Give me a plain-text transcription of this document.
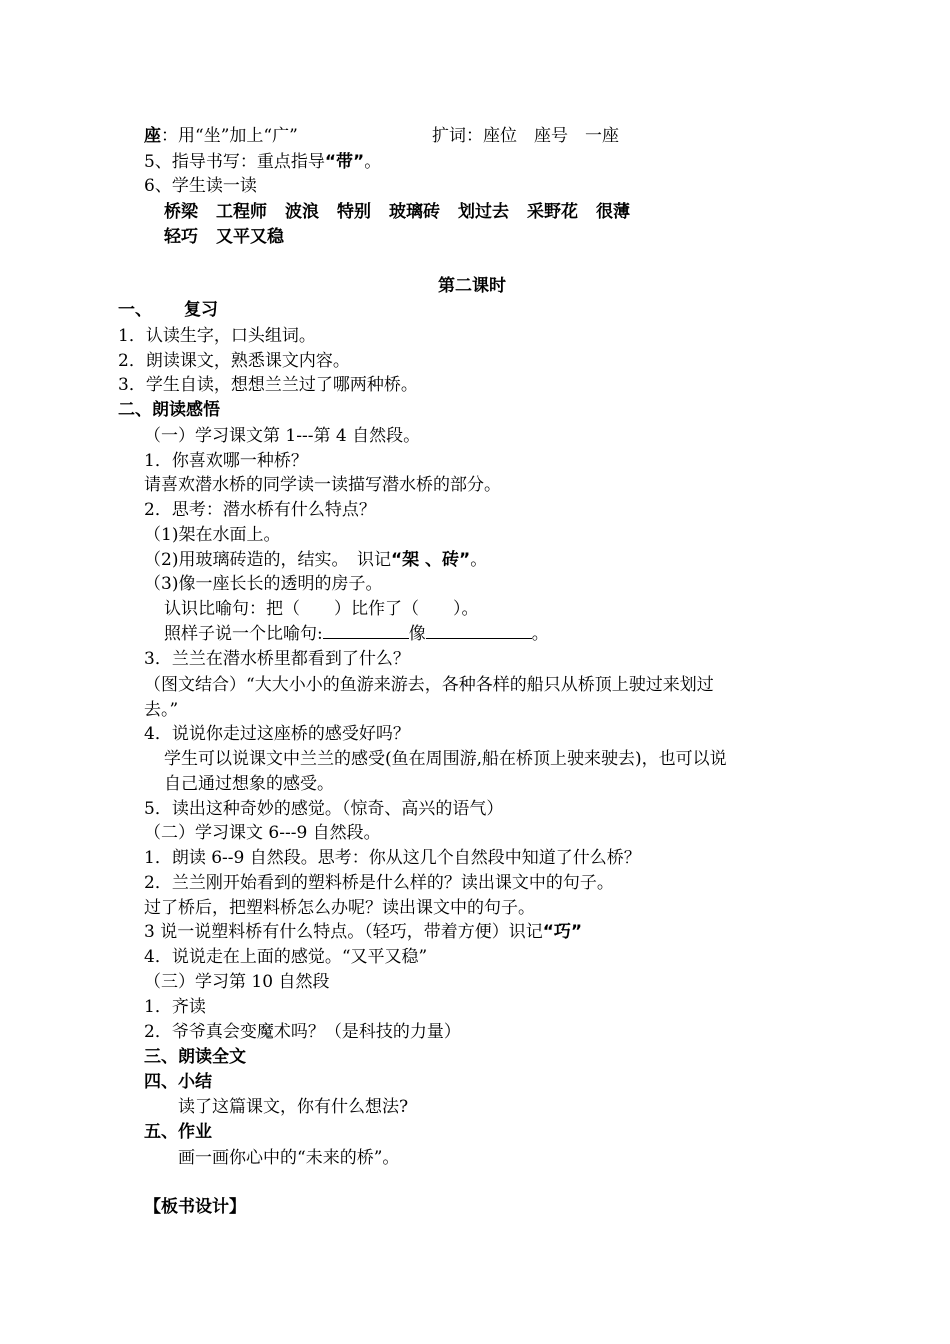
座：用“坐”加上“广”	扩词：座位　座号　一座
5、指导书写：重点指导“带”。
6、学生读一读
桥梁 工程师 波浪 特别 玻璃砖 划过去 采野花 很薄
轻巧 又平又稳
第二课时
一、 复习
1．认读生字，口头组词。
2．朗读课文，熟悉课文内容。
3．学生自读，想想兰兰过了哪两种桥。
二、朗读感悟
（一）学习课文第 1---第 4 自然段。
1．你喜欢哪一种桥？
请喜欢潜水桥的同学读一读描写潜水桥的部分。
2．思考：潜水桥有什么特点？
（1)架在水面上。
（2)用玻璃砖造的，结实。　识记“架 、砖”。
（3)像一座长长的透明的房子。
认识比喻句：把（　　）比作了（　　）。
照样子说一个比喻句:	像	。
3．兰兰在潜水桥里都看到了什么？
（图文结合）“大大小小的鱼游来游去，各种各样的船只从桥顶上驶过来划过
去。”
4．说说你走过这座桥的感受好吗？
学生可以说课文中兰兰的感受(鱼在周围游,船在桥顶上驶来驶去)，也可以说
自己通过想象的感受。
5．读出这种奇妙的感觉。（惊奇、高兴的语气）
（二）学习课文 6---9 自然段。
1．朗读 6--9 自然段。思考：你从这几个自然段中知道了什么桥？
2．兰兰刚开始看到的塑料桥是什么样的？读出课文中的句子。
过了桥后，把塑料桥怎么办呢？读出课文中的句子。
3 说一说塑料桥有什么特点。（轻巧，带着方便）识记“巧”
4．说说走在上面的感觉。“又平又稳”
（三）学习第 10 自然段
1．齐读
2．爷爷真会变魔术吗？（是科技的力量）
三、朗读全文
四、小结
读了这篇课文，你有什么想法?
五、作业
画一画你心中的“未来的桥”。
【板书设计】
